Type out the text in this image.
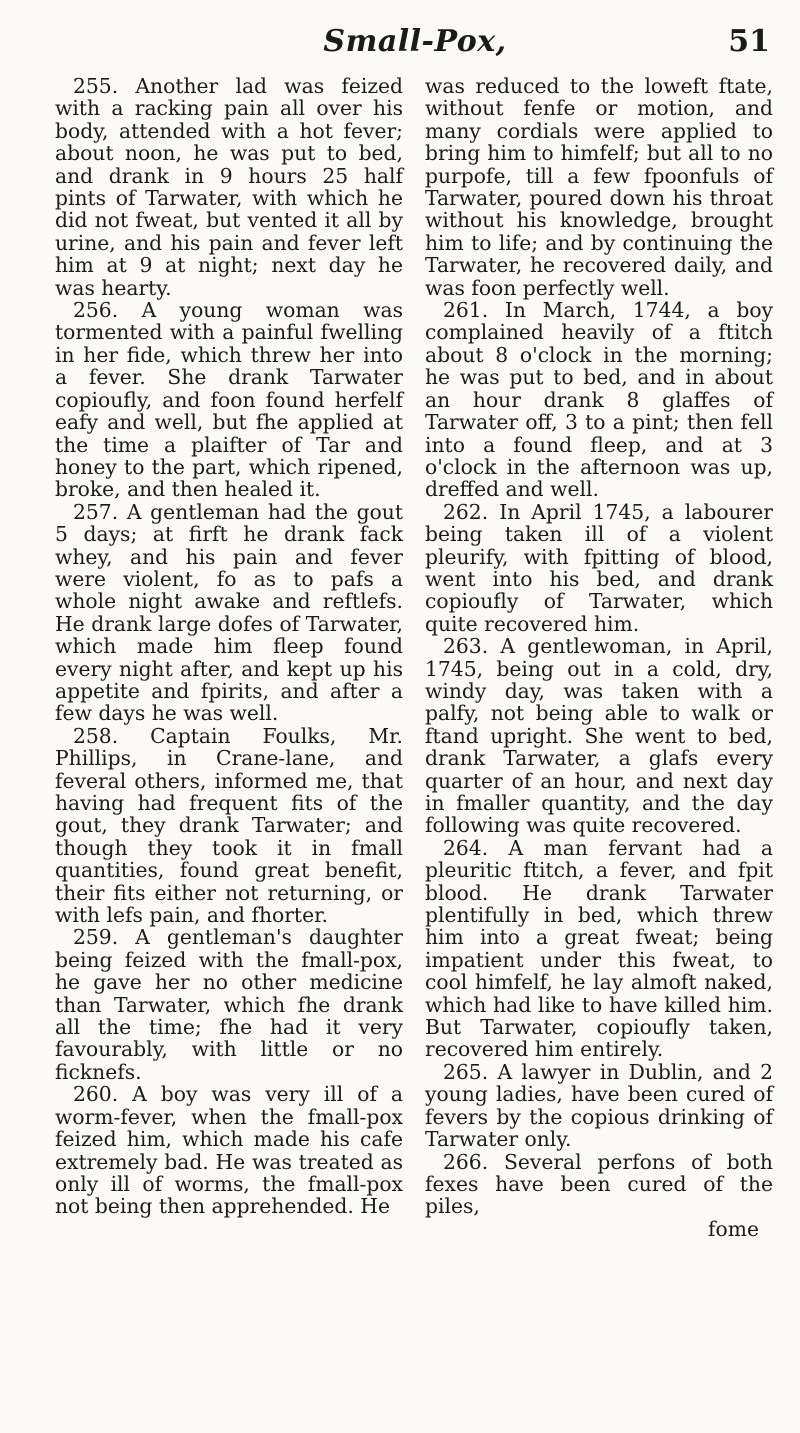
Small-Pox,	51

255. Another lad was feized with a racking pain all over his body, attended with a hot fever; about noon, he was put to bed, and drank in 9 hours 25 half pints of Tarwater, with which he did not fweat, but vented it all by urine, and his pain and fever left him at 9 at night; next day he was hearty.

256. A young woman was tormented with a painful fwelling in her fide, which threw her into a fever. She drank Tarwater copioufly, and foon found herfelf eafy and well, but fhe applied at the time a plaifter of Tar and honey to the part, which ripened, broke, and then healed it.

257. A gentleman had the gout 5 days; at firft he drank fack whey, and his pain and fever were violent, fo as to pafs a whole night awake and reftlefs. He drank large dofes of Tarwater, which made him fleep found every night after, and kept up his appetite and fpirits, and after a few days he was well.

258. Captain Foulks, Mr. Phillips, in Crane-lane, and feveral others, informed me, that having had frequent fits of the gout, they drank Tarwater; and though they took it in fmall quantities, found great benefit, their fits either not returning, or with lefs pain, and fhorter.

259. A gentleman's daughter being feized with the fmall-pox, he gave her no other medicine than Tarwater, which fhe drank all the time; fhe had it very favourably, with little or no ficknefs.

260. A boy was very ill of a worm-fever, when the fmall-pox feized him, which made his cafe extremely bad. He was treated as only ill of worms, the fmall-pox not being then apprehended. He

was reduced to the loweft ftate, without fenfe or motion, and many cordials were applied to bring him to himfelf; but all to no purpofe, till a few fpoonfuls of Tarwater, poured down his throat without his knowledge, brought him to life; and by continuing the Tarwater, he recovered daily, and was foon perfectly well.

261. In March, 1744, a boy complained heavily of a ftitch about 8 o'clock in the morning; he was put to bed, and in about an hour drank 8 glaffes of Tarwater off, 3 to a pint; then fell into a found fleep, and at 3 o'clock in the afternoon was up, dreffed and well.

262. In April 1745, a labourer being taken ill of a violent pleurify, with fpitting of blood, went into his bed, and drank copioufly of Tarwater, which quite recovered him.

263. A gentlewoman, in April, 1745, being out in a cold, dry, windy day, was taken with a palfy, not being able to walk or ftand upright. She went to bed, drank Tarwater, a glafs every quarter of an hour, and next day in fmaller quantity, and the day following was quite recovered.

264. A man fervant had a pleuritic ftitch, a fever, and fpit blood. He drank Tarwater plentifully in bed, which threw him into a great fweat; being impatient under this fweat, to cool himfelf, he lay almoft naked, which had like to have killed him. But Tarwater, copioufly taken, recovered him entirely.

265. A lawyer in Dublin, and 2 young ladies, have been cured of fevers by the copious drinking of Tarwater only.

266. Several perfons of both fexes have been cured of the piles,

fome
